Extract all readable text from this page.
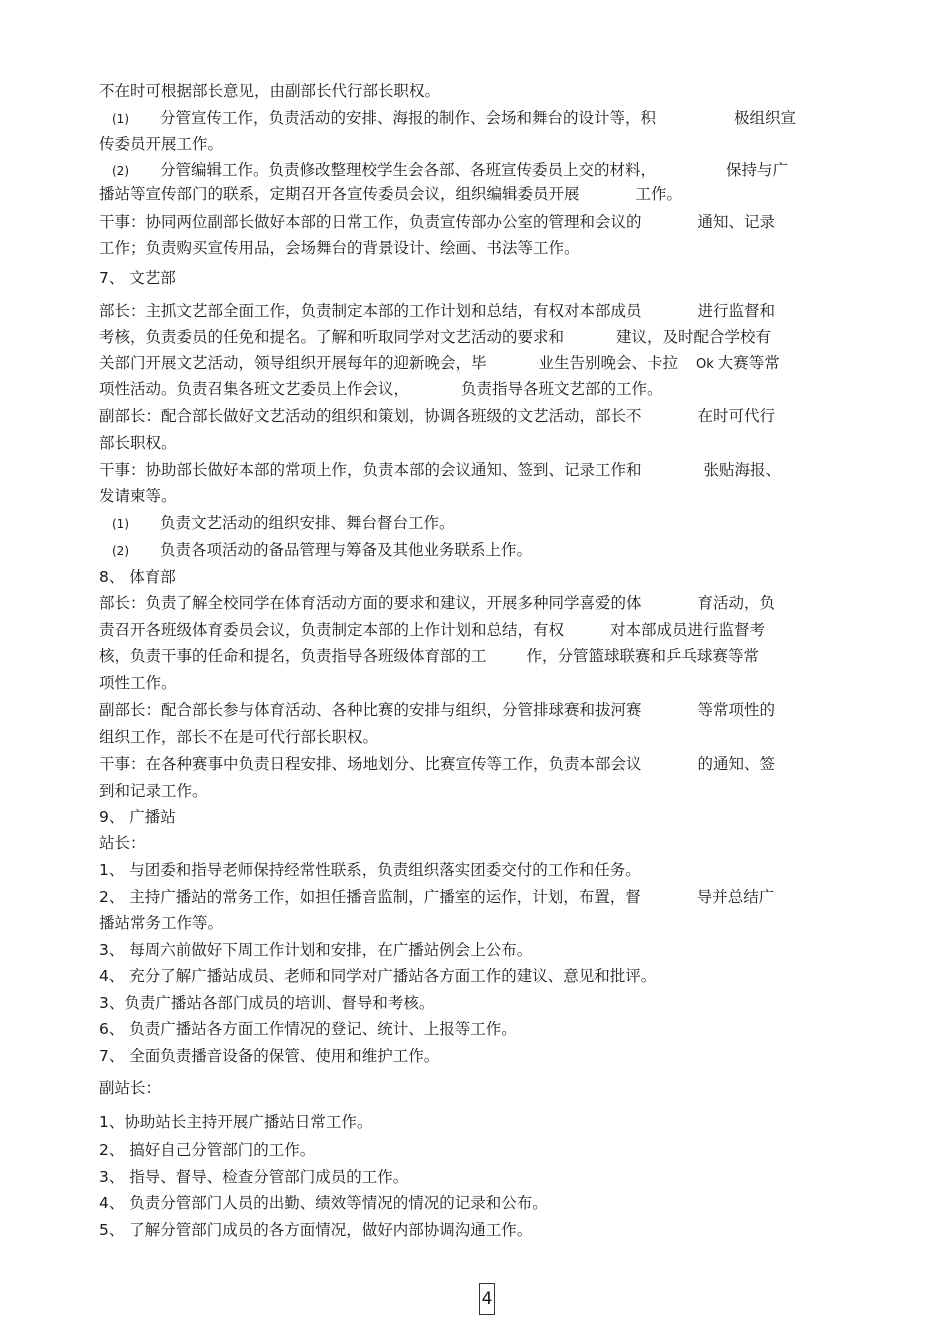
不在时可根据部长意见，由副部长代行部长职权。
(1) 分管宣传工作，负责活动的安排、海报的制作、会场和舞台的设计等，积	极组织宣
传委员开展工作。
(2) 分管编辑工作。负责修改整理校学生会各部、各班宣传委员上交的材料，	保持与广
播站等宣传部门的联系，定期召开各宣传委员会议，组织编辑委员开展	工作。
干事：协同两位副部长做好本部的日常工作，负责宣传部办公室的管理和会议的	通知、记录
工作；负责购买宣传用品，会场舞台的背景设计、绘画、书法等工作。
7、 文艺部
部长：主抓文艺部全面工作，负责制定本部的工作计划和总结，有权对本部成员	进行监督和
考核，负责委员的任免和提名。了解和听取同学对文艺活动的要求和	建议，及时配合学校有
关部门开展文艺活动，领导组织开展每年的迎新晚会，毕	业生告别晚会、卡拉 Ok 大赛等常
项性活动。负责召集各班文艺委员上作会议，	负责指导各班文艺部的工作。
副部长：配合部长做好文艺活动的组织和策划，协调各班级的文艺活动，部长不	在时可代行
部长职权。
干事：协助部长做好本部的常项上作，负责本部的会议通知、签到、记录工作和	张贴海报、
发请柬等。
(1) 负责文艺活动的组织安排、舞台督台工作。
(2) 负责各项活动的备品管理与筹备及其他业务联系上作。
8、 体育部
部长：负责了解全校同学在体育活动方面的要求和建议，开展多种同学喜爱的体	育活动，负
责召开各班级体育委员会议，负责制定本部的上作计划和总结，有权	对本部成员进行监督考
核，负责干事的任命和提名，负责指导各班级体育部的工	作，分管篮球联赛和乒乓球赛等常
项性工作。
副部长：配合部长参与体育活动、各种比赛的安排与组织，分管排球赛和拔河赛	等常项性的
组织工作，部长不在是可代行部长职权。
干事：在各种赛事中负责日程安排、场地划分、比赛宣传等工作，负责本部会议	的通知、签
到和记录工作。
9、 广播站
站长：
1、 与团委和指导老师保持经常性联系，负责组织落实团委交付的工作和任务。
2、 主持广播站的常务工作，如担任播音监制，广播室的运作，计划，布置，督	导并总结广
播站常务工作等。
3、 每周六前做好下周工作计划和安排，在广播站例会上公布。
4、 充分了解广播站成员、老师和同学对广播站各方面工作的建议、意见和批评。
3、负责广播站各部门成员的培训、督导和考核。
6、 负责广播站各方面工作情况的登记、统计、上报等工作。
7、 全面负责播音设备的保管、使用和维护工作。
副站长：
1、协助站长主持开展广播站日常工作。
2、 搞好自己分管部门的工作。
3、 指导、督导、检查分管部门成员的工作。
4、 负责分管部门人员的出勤、绩效等情况的情况的记录和公布。
5、 了解分管部门成员的各方面情况，做好内部协调沟通工作。
4
